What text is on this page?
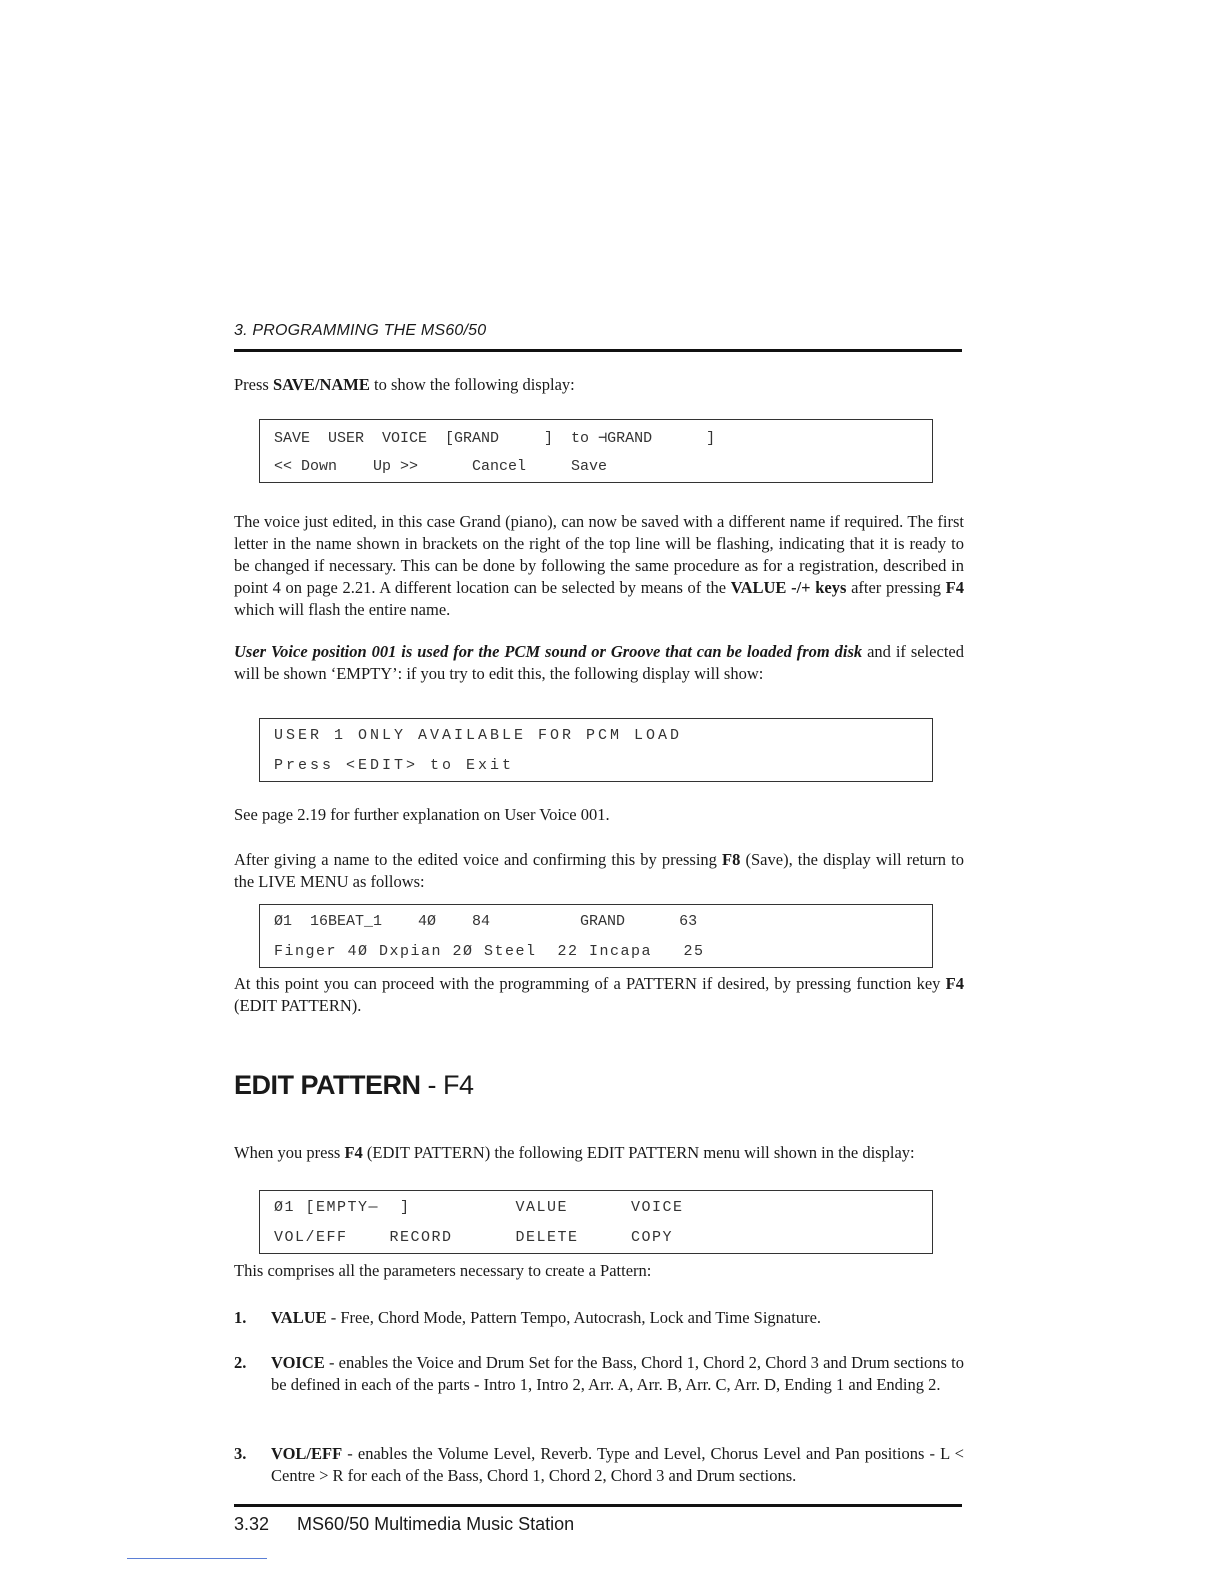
3. PROGRAMMING THE MS60/50
Press SAVE/NAME to show the following display:
SAVE  USER  VOICE  [GRAND     ]  to ⊣GRAND      ]
<< Down    Up >>      Cancel     Save
The voice just edited, in this case Grand (piano), can now be saved with a different name if required. The first letter in the name shown in brackets on the right of the top line will be flashing, indicating that it is ready to be changed if necessary. This can be done by following the same procedure as for a registration, described in point 4 on page 2.21. A different location can be selected by means of the VALUE -/+ keys after pressing F4 which will flash the entire name.
User Voice position 001 is used for the PCM sound or Groove that can be loaded from disk and if selected will be shown ‘EMPTY’: if you try to edit this, the following display will show:
USER 1 ONLY AVAILABLE FOR PCM LOAD
Press <EDIT> to Exit
See page 2.19 for further explanation on User Voice 001.
After giving a name to the edited voice and confirming this by pressing F8 (Save), the display will return to the LIVE MENU as follows:
Ø1  16BEAT_1    4Ø    84          GRAND      63
Finger 4Ø Dxpian 2Ø Steel  22 Incapa   25
At this point you can proceed with the programming of a PATTERN if desired, by pressing function key F4 (EDIT PATTERN).
EDIT PATTERN - F4
When you press F4 (EDIT PATTERN) the following EDIT PATTERN menu will shown in the display:
Ø1 [EMPTY—  ]          VALUE      VOICE
VOL/EFF    RECORD      DELETE     COPY
This comprises all the parameters necessary to create a Pattern:
1. VALUE - Free, Chord Mode, Pattern Tempo, Autocrash, Lock and Time Signature.
2. VOICE - enables the Voice and Drum Set for the Bass, Chord 1, Chord 2, Chord 3 and Drum sections to be defined in each of the parts - Intro 1, Intro 2, Arr. A, Arr. B, Arr. C, Arr. D, Ending 1 and Ending 2.
3. VOL/EFF - enables the Volume Level, Reverb. Type and Level, Chorus Level and Pan positions - L < Centre > R for each of the Bass, Chord 1, Chord 2, Chord 3 and Drum sections.
3.32 MS60/50 Multimedia Music Station
